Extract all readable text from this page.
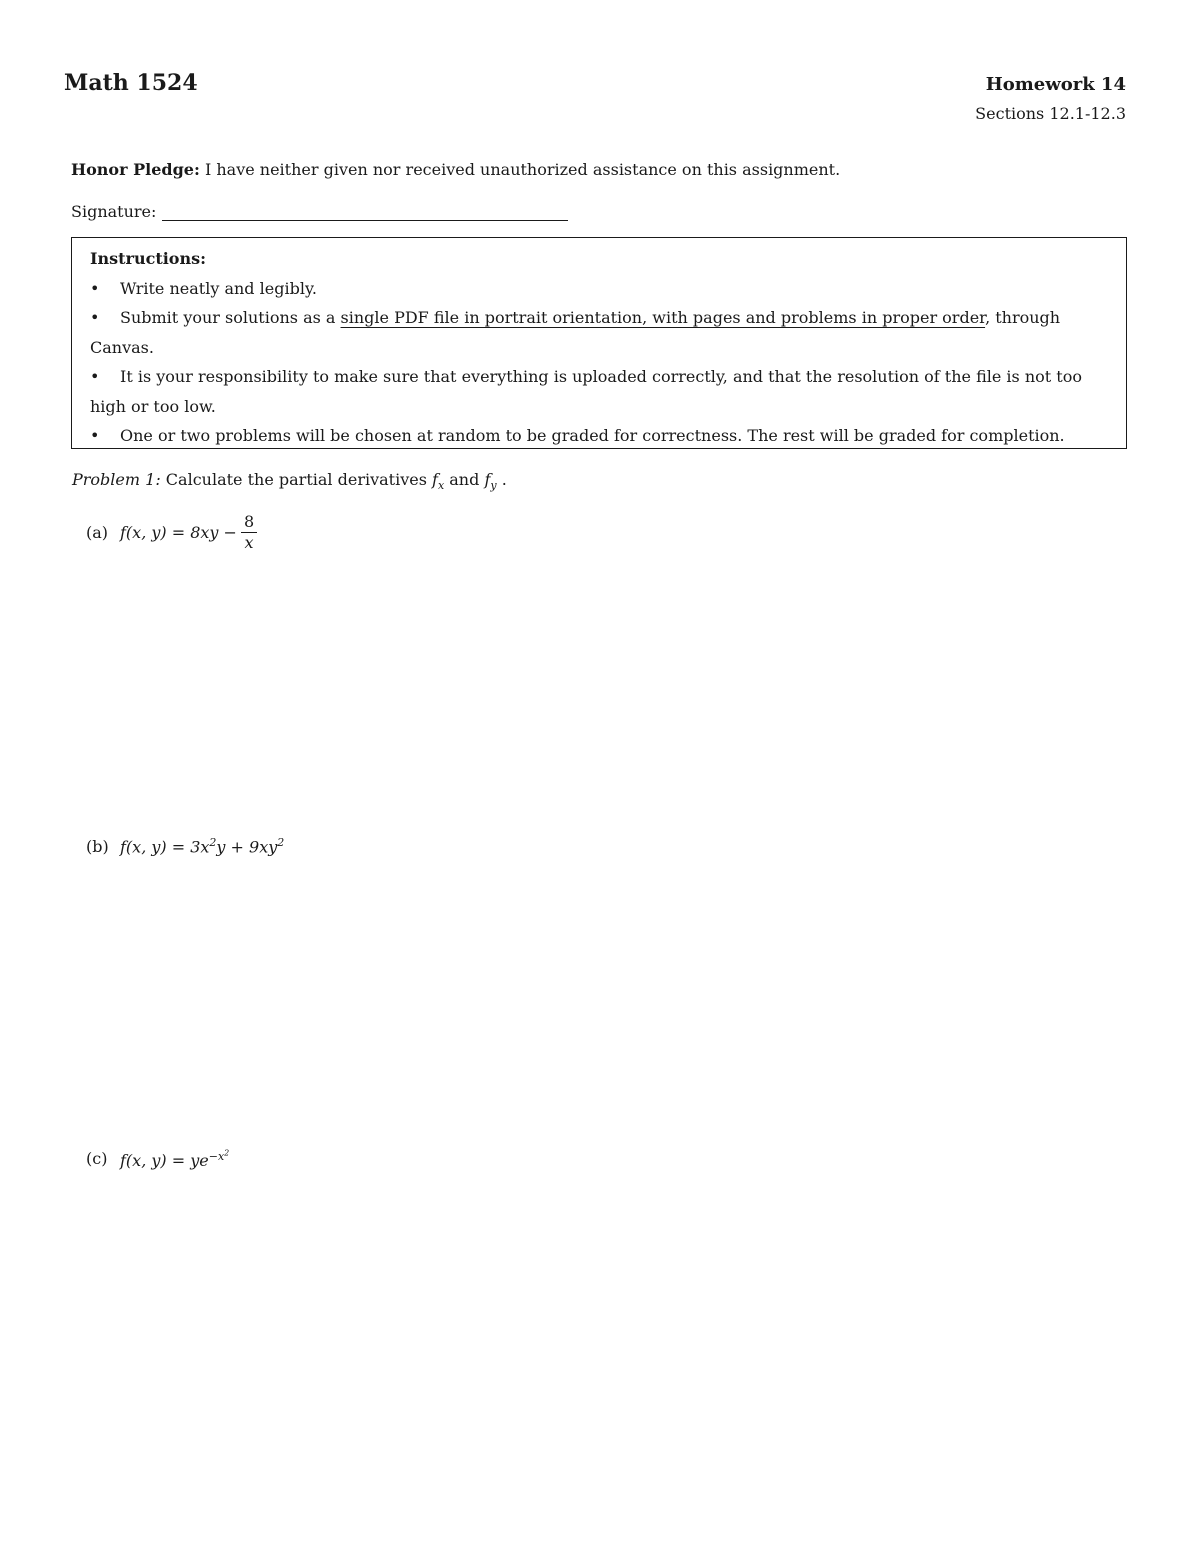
Math 1524	Homework 14
Sections 12.1-12.3
Honor Pledge: I have neither given nor received unauthorized assistance on this assignment.
Signature:
Instructions:
• Write neatly and legibly.
• Submit your solutions as a single PDF file in portrait orientation, with pages and problems in proper order, through Canvas.
• It is your responsibility to make sure that everything is uploaded correctly, and that the resolution of the file is not too high or too low.
• One or two problems will be chosen at random to be graded for correctness. The rest will be graded for completion.
Problem 1: Calculate the partial derivatives $f_x$ and $f_y$ .
(a) f(x, $y) = 8xy - \frac{8}{x}$
(b) f(x, $y) = 3x^2y + 9xy^2$
(c) f(x, $y) = ye^{-x^2}$
